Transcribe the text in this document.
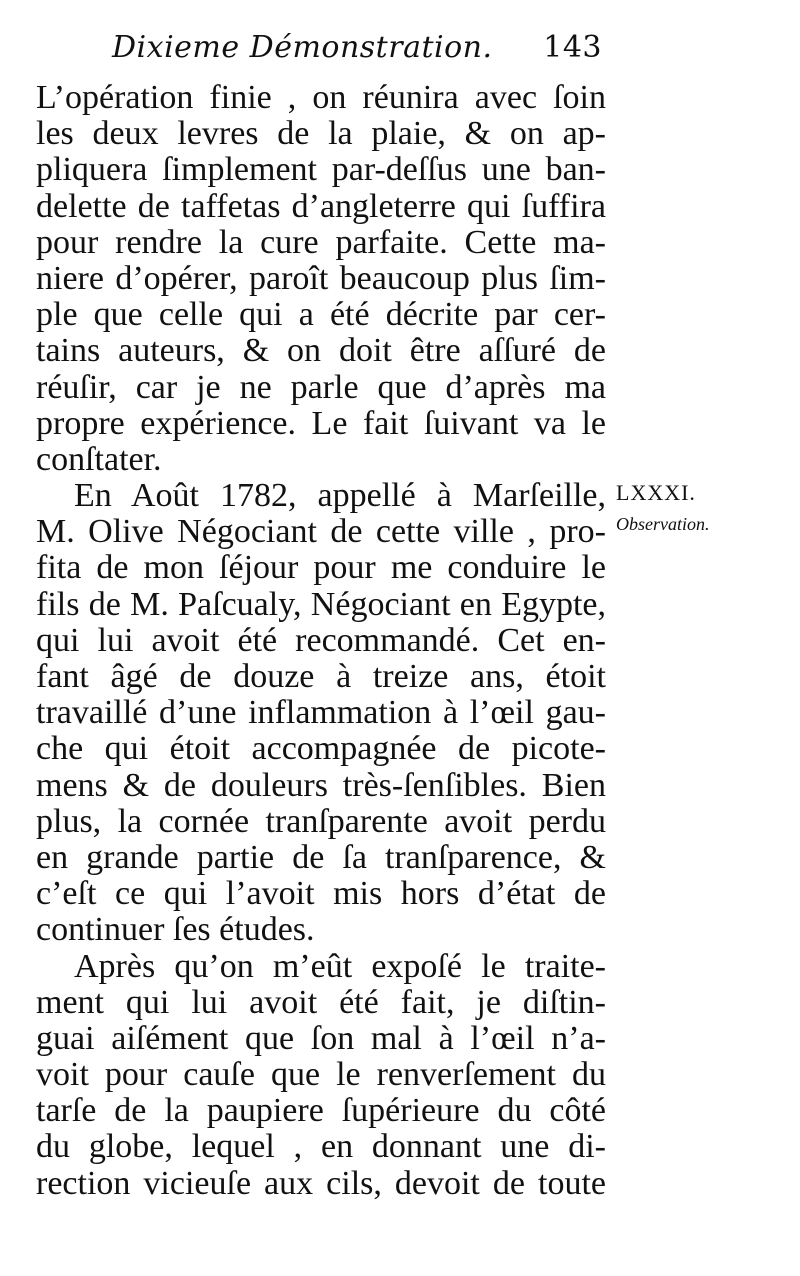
Dixieme Démonstration. 143
L’opération finie , on réunira avec ſoin
les deux levres de la plaie, & on ap-
pliquera ſimplement par-deſſus une ban-
delette de taffetas d’angleterre qui ſuffira
pour rendre la cure parfaite. Cette ma-
niere d’opérer, paroît beaucoup plus ſim-
ple que celle qui a été décrite par cer-
tains auteurs, & on doit être aſſuré de
réuſir, car je ne parle que d’après ma
propre expérience. Le fait ſuivant va le
conſtater.
En Août 1782, appellé à Marſeille,
M. Olive Négociant de cette ville , pro-
fita de mon ſéjour pour me conduire le
fils de M. Paſcualy, Négociant en Egypte,
qui lui avoit été recommandé. Cet en-
fant âgé de douze à treize ans, étoit
travaillé d’une inflammation à l’œil gau-
che qui étoit accompagnée de picote-
mens & de douleurs très-ſenſibles. Bien
plus, la cornée tranſparente avoit perdu
en grande partie de ſa tranſparence, &
c’eſt ce qui l’avoit mis hors d’état de
continuer ſes études.
Après qu’on m’eût expoſé le traite-
ment qui lui avoit été fait, je diſtin-
guai aiſément que ſon mal à l’œil n’a-
voit pour cauſe que le renverſement du
tarſe de la paupiere ſupérieure du côté
du globe, lequel , en donnant une di-
rection vicieuſe aux cils, devoit de toute
LXXXI.
Observation.
